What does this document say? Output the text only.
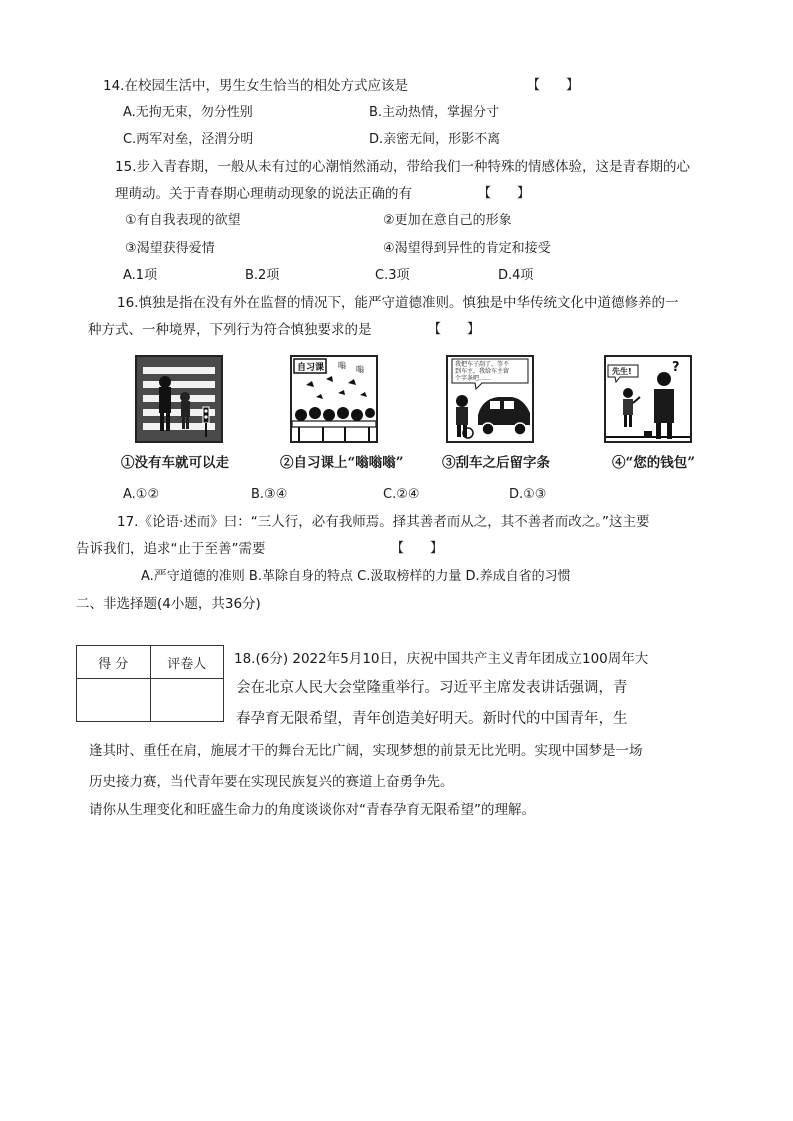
14.在校园生活中，男生女生恰当的相处方式应该是	【　　】
A.无拘无束，勿分性别	B.主动热情，掌握分寸
C.两军对垒，泾渭分明	D.亲密无间，形影不离
15.步入青春期，一般从未有过的心潮悄然涌动，带给我们一种特殊的情感体验，这是青春期的心
理萌动。关于青春期心理萌动现象的说法正确的有	【　　】
①有自我表现的欲望	②更加在意自己的形象
③渴望获得爱情	④渴望得到异性的肯定和接受
A.1项	B.2项	C.3项	D.4项
16.慎独是指在没有外在监督的情况下，能严守道德准则。慎独是中华传统文化中道德修养的一
种方式、一种境界，下列行为符合慎独要求的是	【　　】
自习课 嗡 嗡
我把车子刮了，等不
到车主，我给车主留
个字条吧……
先生!	?
①没有车就可以走	②自习课上“嗡嗡嗡”	③刮车之后留字条	④“您的钱包”
A.①②	B.③④	C.②④	D.①③
17.《论语·述而》曰：“三人行，必有我师焉。择其善者而从之，其不善者而改之。”这主要
告诉我们，追求“止于至善”需要	【　　】
A.严守道德的准则 B.革除自身的特点 C.汲取榜样的力量 D.养成自省的习惯
二、非选择题(4小题，共36分)
得 分	评卷人
	18.(6分) 2022年5月10日，庆祝中国共产主义青年团成立100周年大
会在北京人民大会堂隆重举行。习近平主席发表讲话强调，青
春孕育无限希望，青年创造美好明天。新时代的中国青年，生
逢其时、重任在肩，施展才干的舞台无比广阔，实现梦想的前景无比光明。实现中国梦是一场
历史接力赛，当代青年要在实现民族复兴的赛道上奋勇争先。
请你从生理变化和旺盛生命力的角度谈谈你对“青春孕育无限希望”的理解。
